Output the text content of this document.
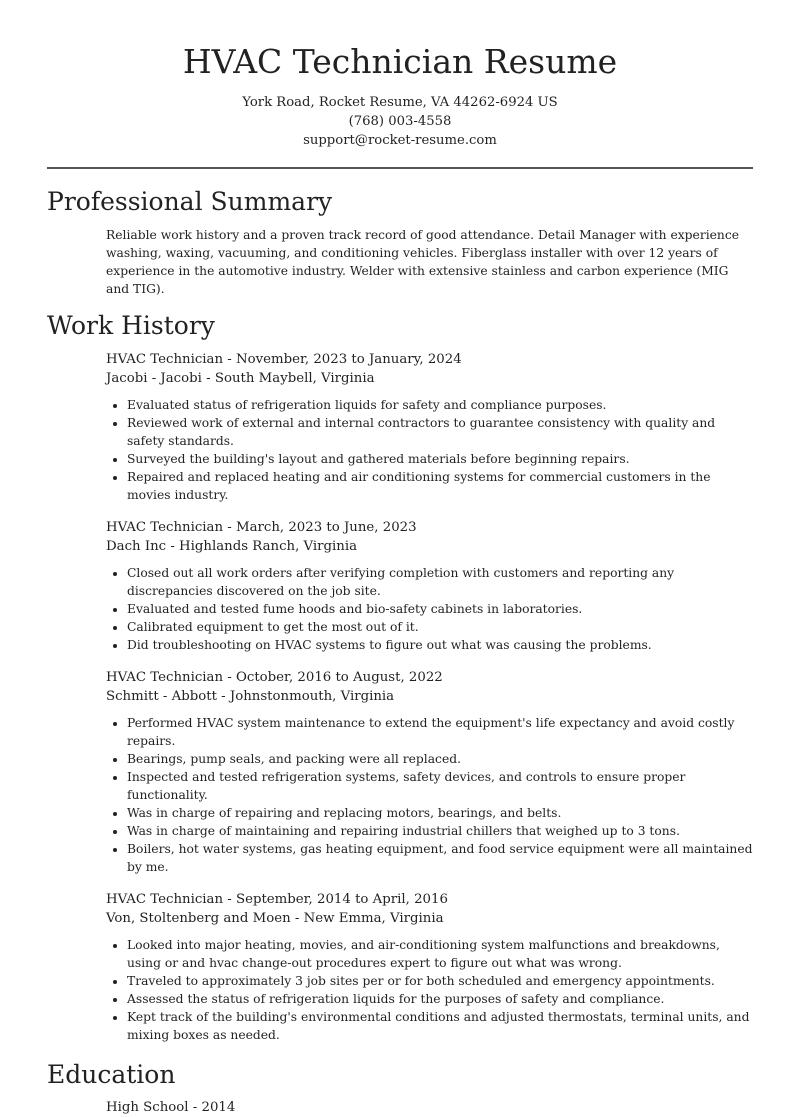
HVAC Technician Resume
York Road, Rocket Resume, VA 44262-6924 US
(768) 003-4558
support@rocket-resume.com
Professional Summary
Reliable work history and a proven track record of good attendance. Detail Manager with experience washing, waxing, vacuuming, and conditioning vehicles. Fiberglass installer with over 12 years of experience in the automotive industry. Welder with extensive stainless and carbon experience (MIG and TIG).
Work History
HVAC Technician - November, 2023 to January, 2024
Jacobi - Jacobi - South Maybell, Virginia
• Evaluated status of refrigeration liquids for safety and compliance purposes.
• Reviewed work of external and internal contractors to guarantee consistency with quality and safety standards.
• Surveyed the building's layout and gathered materials before beginning repairs.
• Repaired and replaced heating and air conditioning systems for commercial customers in the movies industry.
HVAC Technician - March, 2023 to June, 2023
Dach Inc - Highlands Ranch, Virginia
• Closed out all work orders after verifying completion with customers and reporting any discrepancies discovered on the job site.
• Evaluated and tested fume hoods and bio-safety cabinets in laboratories.
• Calibrated equipment to get the most out of it.
• Did troubleshooting on HVAC systems to figure out what was causing the problems.
HVAC Technician - October, 2016 to August, 2022
Schmitt - Abbott - Johnstonmouth, Virginia
• Performed HVAC system maintenance to extend the equipment's life expectancy and avoid costly repairs.
• Bearings, pump seals, and packing were all replaced.
• Inspected and tested refrigeration systems, safety devices, and controls to ensure proper functionality.
• Was in charge of repairing and replacing motors, bearings, and belts.
• Was in charge of maintaining and repairing industrial chillers that weighed up to 3 tons.
• Boilers, hot water systems, gas heating equipment, and food service equipment were all maintained by me.
HVAC Technician - September, 2014 to April, 2016
Von, Stoltenberg and Moen - New Emma, Virginia
• Looked into major heating, movies, and air-conditioning system malfunctions and breakdowns, using or and hvac change-out procedures expert to figure out what was wrong.
• Traveled to approximately 3 job sites per or for both scheduled and emergency appointments.
• Assessed the status of refrigeration liquids for the purposes of safety and compliance.
• Kept track of the building's environmental conditions and adjusted thermostats, terminal units, and mixing boxes as needed.
Education
High School - 2014
